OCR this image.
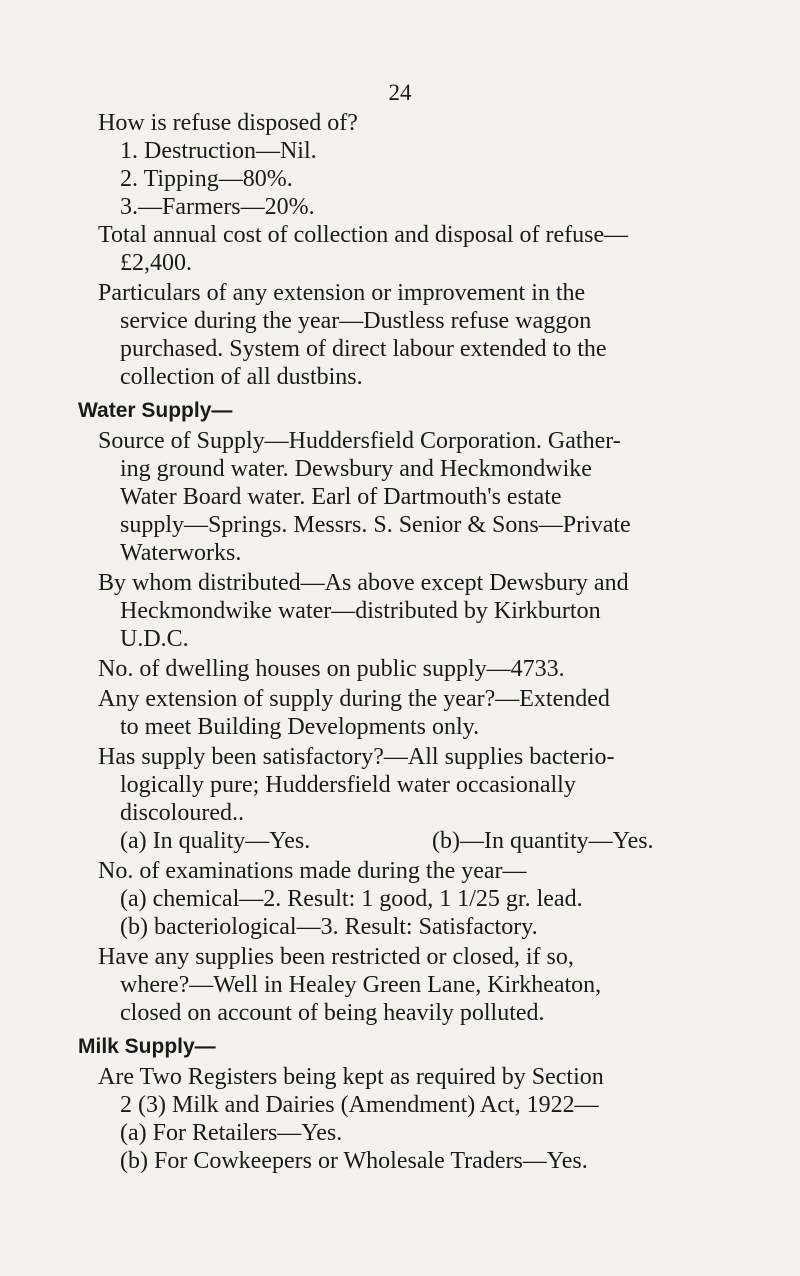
24
How is refuse disposed of?
1. Destruction—Nil.
2. Tipping—80%.
3.—Farmers—20%.
Total annual cost of collection and disposal of refuse—
£2,400.
Particulars of any extension or improvement in the
service during the year—Dustless refuse waggon
purchased. System of direct labour extended to the
collection of all dustbins.
Water Supply—
Source of Supply—Huddersfield Corporation. Gather-
ing ground water. Dewsbury and Heckmondwike
Water Board water. Earl of Dartmouth's estate
supply—Springs. Messrs. S. Senior & Sons—Private
Waterworks.
By whom distributed—As above except Dewsbury and
Heckmondwike water—distributed by Kirkburton
U.D.C.
No. of dwelling houses on public supply—4733.
Any extension of supply during the year?—Extended
to meet Building Developments only.
Has supply been satisfactory?—All supplies bacterio-
logically pure; Huddersfield water occasionally
discoloured..
(a) In quality—Yes.	(b)—In quantity—Yes.
No. of examinations made during the year—
(a) chemical—2. Result: 1 good, 1 1/25 gr. lead.
(b) bacteriological—3. Result: Satisfactory.
Have any supplies been restricted or closed, if so,
where?—Well in Healey Green Lane, Kirkheaton,
closed on account of being heavily polluted.
Milk Supply—
Are Two Registers being kept as required by Section
2 (3) Milk and Dairies (Amendment) Act, 1922—
(a) For Retailers—Yes.
(b) For Cowkeepers or Wholesale Traders—Yes.
